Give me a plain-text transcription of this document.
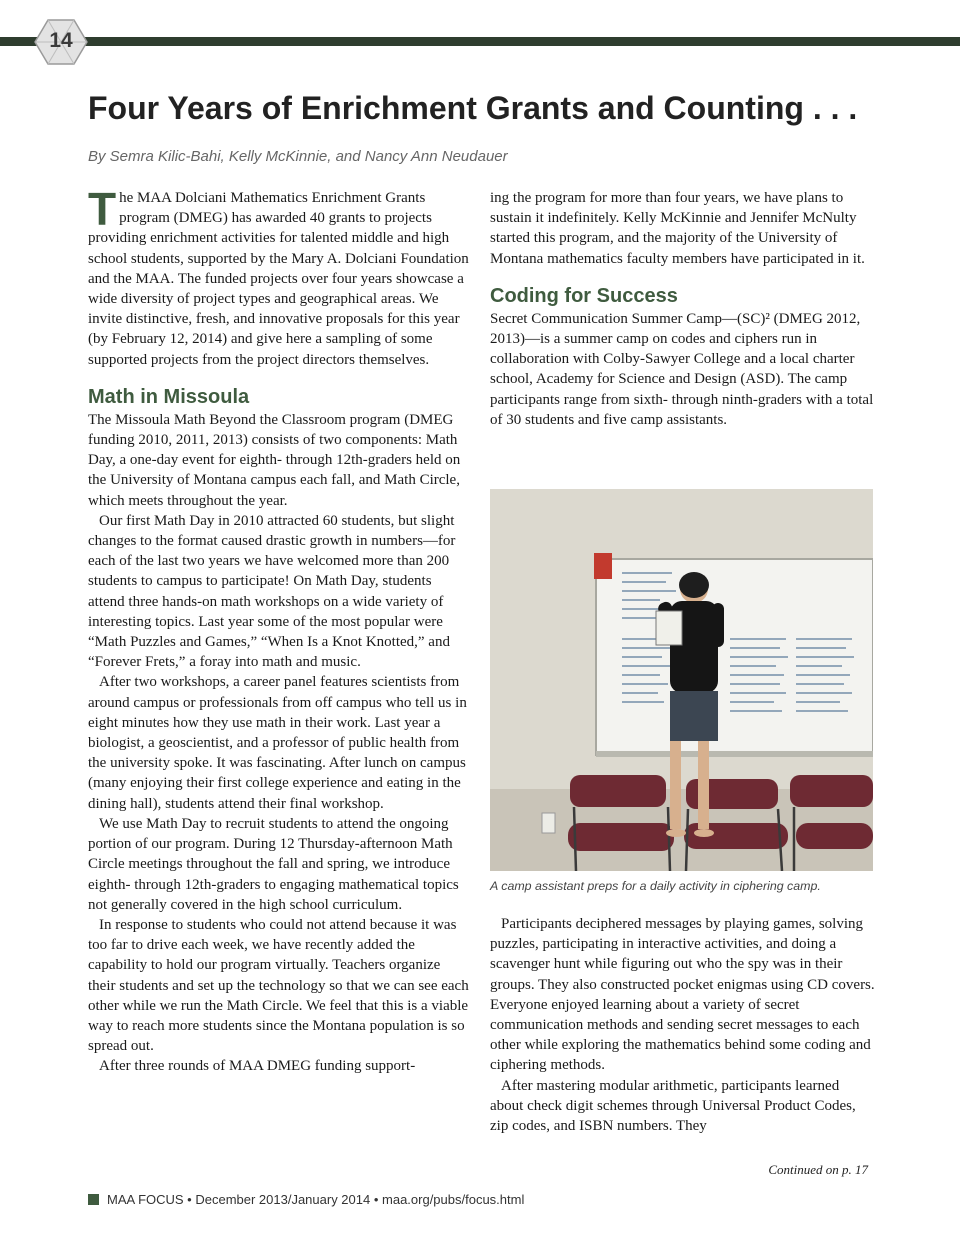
14
Four Years of Enrichment Grants and Counting . . .

By Semra Kilic-Bahi, Kelly McKinnie, and Nancy Ann Neudauer

The MAA Dolciani Mathematics Enrichment Grants program (DMEG) has awarded 40 grants to projects providing enrichment activities for talented middle and high school students, supported by the Mary A. Dolciani Foundation and the MAA. The funded projects over four years showcase a wide diversity of project types and geographical areas. We invite distinctive, fresh, and innovative proposals for this year (by February 12, 2014) and give here a sampling of some supported projects from the project directors themselves.

Math in Missoula

The Missoula Math Beyond the Classroom program (DMEG funding 2010, 2011, 2013) consists of two components: Math Day, a one-day event for eighth- through 12th-graders held on the University of Montana campus each fall, and Math Circle, which meets throughout the year.

Our first Math Day in 2010 attracted 60 students, but slight changes to the format caused drastic growth in numbers—for each of the last two years we have welcomed more than 200 students to campus to participate! On Math Day, students attend three hands-on math workshops on a wide variety of interesting topics. Last year some of the most popular were “Math Puzzles and Games,” “When Is a Knot Knotted,” and “Forever Frets,” a foray into math and music.

After two workshops, a career panel features scientists from around campus or professionals from off campus who tell us in eight minutes how they use math in their work. Last year a biologist, a geoscientist, and a professor of public health from the university spoke. It was fascinating. After lunch on campus (many enjoying their first college experience and eating in the dining hall), students attend their final workshop.

We use Math Day to recruit students to attend the ongoing portion of our program. During 12 Thursday-afternoon Math Circle meetings throughout the fall and spring, we introduce eighth- through 12th-graders to engaging mathematical topics not generally covered in the high school curriculum.

In response to students who could not attend because it was too far to drive each week, we have recently added the capability to hold our program virtually. Teachers organize their students and set up the technology so that we can see each other while we run the Math Circle. We feel that this is a viable way to reach more students since the Montana population is so spread out.

After three rounds of MAA DMEG funding support-

ing the program for more than four years, we have plans to sustain it indefinitely. Kelly McKinnie and Jennifer McNulty started this program, and the majority of the University of Montana mathematics faculty members have participated in it.

Coding for Success

Secret Communication Summer Camp—(SC)² (DMEG 2012, 2013)—is a summer camp on codes and ciphers run in collaboration with Colby-Sawyer College and a local charter school, Academy for Science and Design (ASD). The camp participants range from sixth- through ninth-graders with a total of 30 students and five camp assistants.

A camp assistant preps for a daily activity in ciphering camp.

Participants deciphered messages by playing games, solving puzzles, participating in interactive activities, and doing a scavenger hunt while figuring out who the spy was in their groups. They also constructed pocket enigmas using CD covers. Everyone enjoyed learning about a variety of secret communication methods and sending secret messages to each other while exploring the mathematics behind some coding and ciphering methods.

After mastering modular arithmetic, participants learned about check digit schemes through Universal Product Codes, zip codes, and ISBN numbers. They

Continued on p. 17

MAA FOCUS • December 2013/January 2014 • maa.org/pubs/focus.html
